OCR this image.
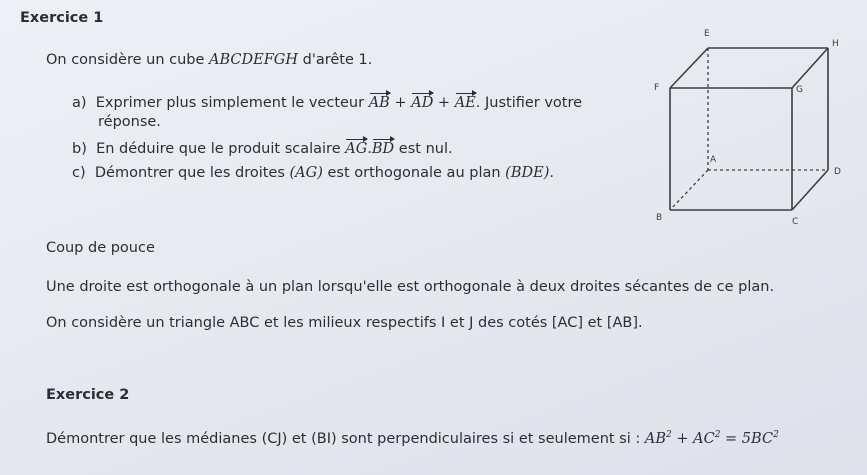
Exercice 1
On considère un cube ABCDEFGH d'arête 1.
a) Exprimer plus simplement le vecteur AB + AD + AE. Justifier votre
réponse.
b) En déduire que le produit scalaire AG.BD est nul.
c) Démontrer que les droites (AG) est orthogonale au plan (BDE).
E
H
F	G
A
D
B	C
Coup de pouce
Une droite est orthogonale à un plan lorsqu'elle est orthogonale à deux droites sécantes de ce plan.
On considère un triangle ABC et les milieux respectifs I et J des cotés [AC] et [AB].
Exercice 2
Démontrer que les médianes (CJ) et (BI) sont perpendiculaires si et seulement si : $AB^2 + AC^2 = 5BC^2$
